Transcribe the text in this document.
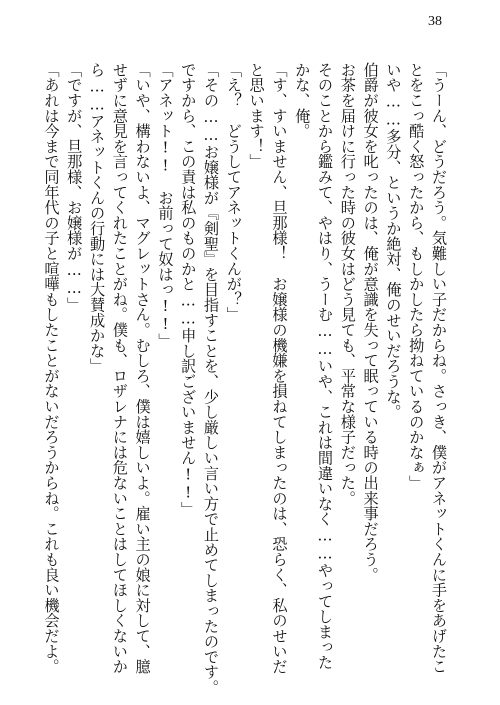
38
「うーん、どうだろう。気難しい子だからね。さっき、僕がアネットくんに手をあげたこ
とをこっ酷く怒ったから、もしかしたら拗ねているのかなぁ」
いや……多分、というか絶対、俺のせいだろうな。
伯爵が彼女を叱ったのは、俺が意識を失って眠っている時の出来事だろう。
お茶を届けに行った時の彼女はどう見ても、平常な様子だった。
そのことから鑑みて、やはり、うーむ……いや、これは間違いなく……やってしまった
かな、俺。
「す、すいません、旦那様！　お嬢様の機嫌を損ねてしまったのは、恐らく、私のせいだ
と思います！」
「え？　どうしてアネットくんが？」
「その……お嬢様が『剣聖』を目指すことを、少し厳しい言い方で止めてしまったのです。
ですから、この責は私のものかと……申し訳ございません!!」
「アネット!!　お前って奴はっ!!」
「いや、構わないよ、マグレットさん。むしろ、僕は嬉しいよ。雇い主の娘に対して、臆
せずに意見を言ってくれたことがね。僕も、ロザレナには危ないことはしてほしくないか
ら……アネットくんの行動には大賛成かな」
「ですが、旦那様、お嬢様が……」
「あれは今まで同年代の子と喧嘩もしたことがないだろうからね。これも良い機会だよ。
